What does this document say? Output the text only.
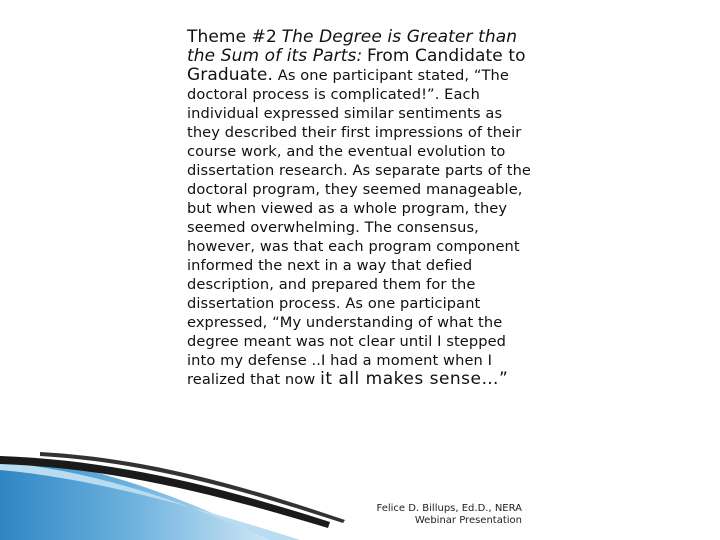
Theme #2 The Degree is Greater than the Sum of its Parts: From Candidate to Graduate. As one participant stated, “The doctoral process is complicated!”. Each individual expressed similar sentiments as they described their first impressions of their course work, and the eventual evolution to dissertation research. As separate parts of the doctoral program, they seemed manageable, but when viewed as a whole program, they seemed overwhelming. The consensus, however, was that each program component informed the next in a way that defied description, and prepared them for the dissertation process. As one participant expressed, “My understanding of what the degree meant was not clear until I stepped into my defense ..I had a moment when I realized that now it all makes sense…”
Felice D. Billups, Ed.D., NERA
Webinar Presentation
